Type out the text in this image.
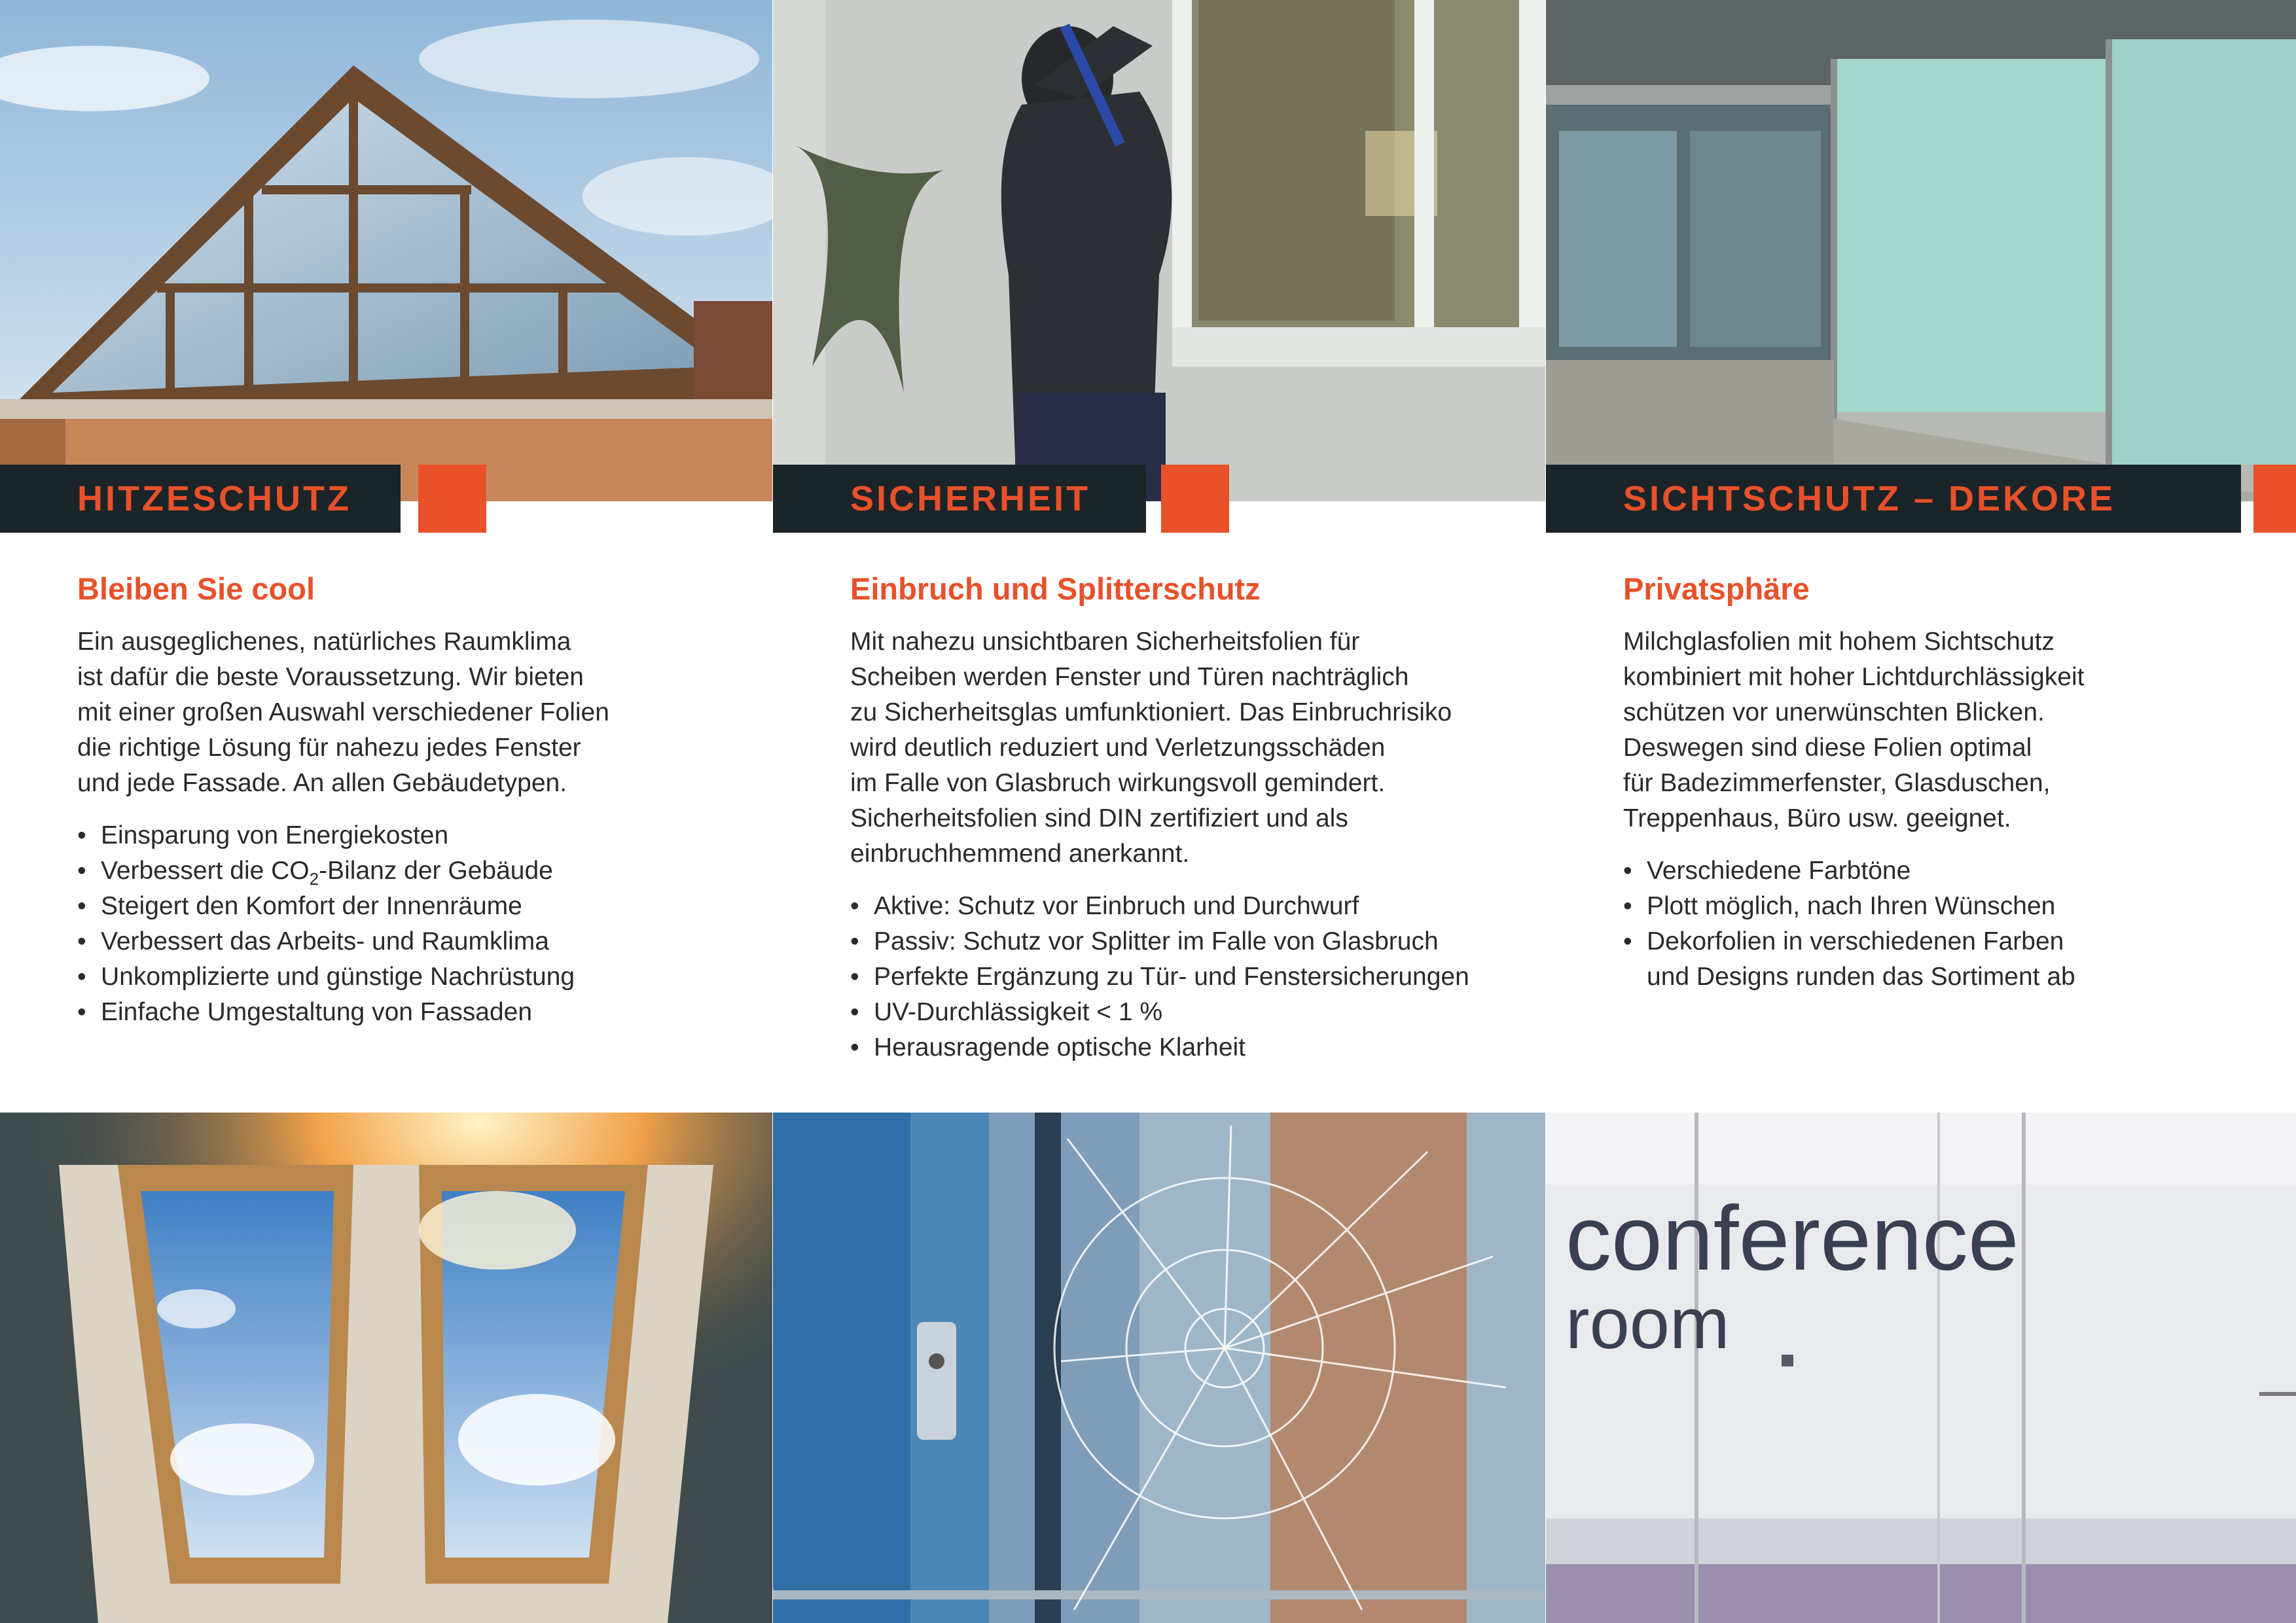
HITZESCHUTZ

Bleiben Sie cool

Ein ausgeglichenes, natürliches Raumklima
ist dafür die beste Voraussetzung. Wir bieten
mit einer großen Auswahl verschiedener Folien
die richtige Lösung für nahezu jedes Fenster
und jede Fassade. An allen Gebäudetypen.

• Einsparung von Energiekosten
• Verbessert die $CO_2$-Bilanz der Gebäude
• Steigert den Komfort der Innenräume
• Verbessert das Arbeits- und Raumklima
• Unkomplizierte und günstige Nachrüstung
• Einfache Umgestaltung von Fassaden
SICHERHEIT

Einbruch und Splitterschutz

Mit nahezu unsichtbaren Sicherheitsfolien für
Scheiben werden Fenster und Türen nachträglich
zu Sicherheitsglas umfunktioniert. Das Einbruchrisiko
wird deutlich reduziert und Verletzungsschäden
im Falle von Glasbruch wirkungsvoll gemindert.
Sicherheitsfolien sind DIN zertifiziert und als
einbruchhemmend anerkannt.

• Aktive: Schutz vor Einbruch und Durchwurf
• Passiv: Schutz vor Splitter im Falle von Glasbruch
• Perfekte Ergänzung zu Tür- und Fenstersicherungen
• UV-Durchlässigkeit < 1 %
• Herausragende optische Klarheit
SICHTSCHUTZ – DEKORE

Privatsphäre

Milchglasfolien mit hohem Sichtschutz
kombiniert mit hoher Lichtdurchlässigkeit
schützen vor unerwünschten Blicken.
Deswegen sind diese Folien optimal
für Badezimmerfenster, Glasduschen,
Treppenhaus, Büro usw. geeignet.

• Verschiedene Farbtöne
• Plott möglich, nach Ihren Wünschen
• Dekorfolien in verschiedenen Farben
und Designs runden das Sortiment ab
conference
room
